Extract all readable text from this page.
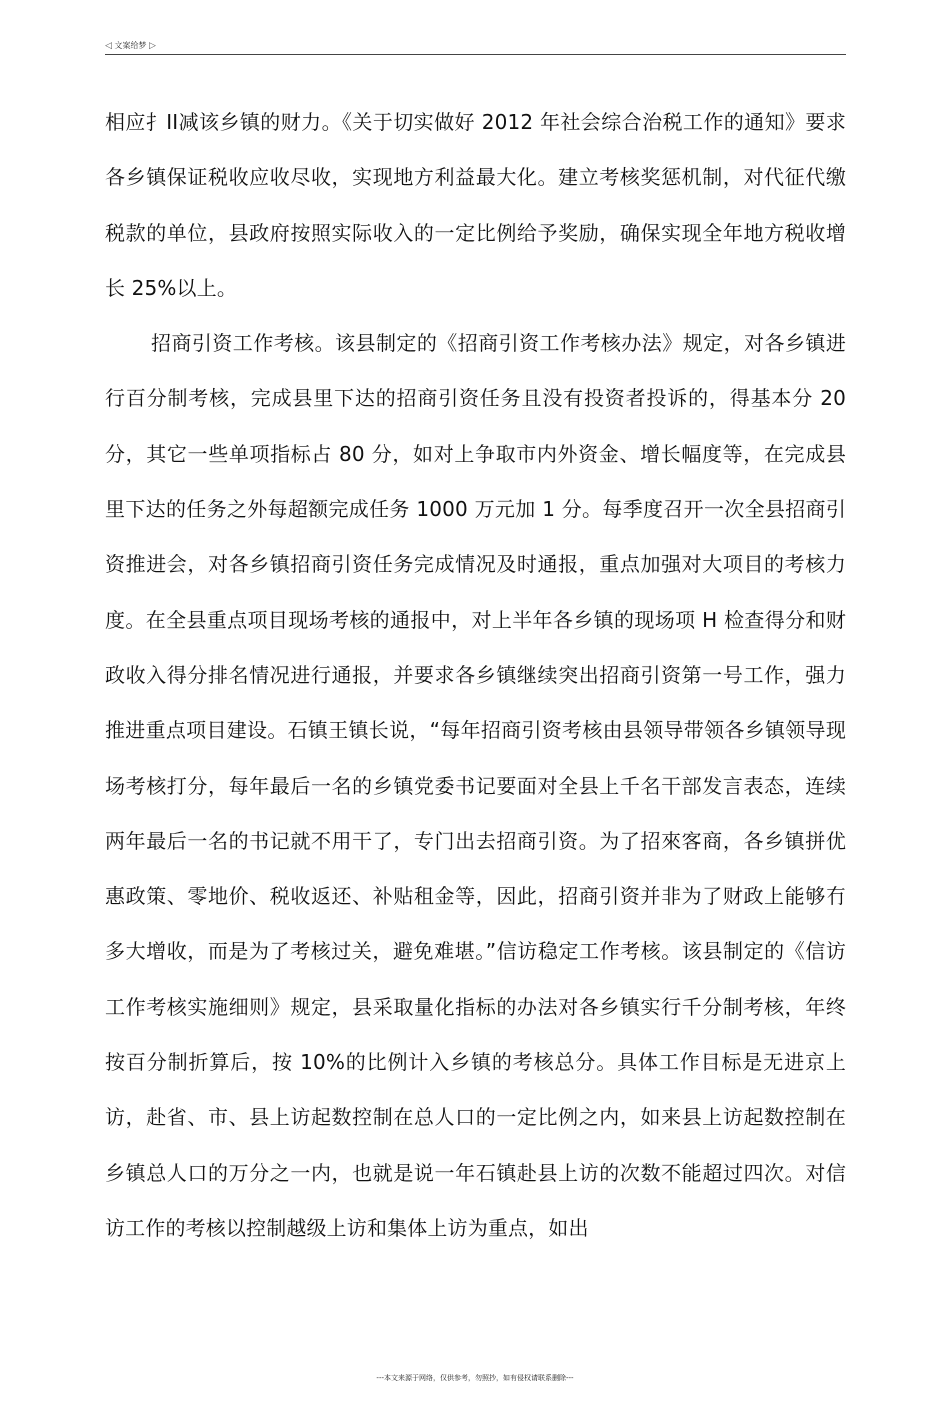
◁ 文案给梦 ▷

相应扌II减该乡镇的财力。《关于切实做好 2012 年社会综合治税工作的通知》要求各乡镇保证税收应收尽收，实现地方利益最大化。建立考核奖惩机制，对代征代缴税款的单位，县政府按照实际收入的一定比例给予奖励，确保实现全年地方税收增长 25%以上。

招商引资工作考核。该县制定的《招商引资工作考核办法》规定，对各乡镇进行百分制考核，完成县里下达的招商引资任务且没有投资者投诉的，得基本分 20 分，其它一些单项指标占 80 分，如对上争取市内外资金、增长幅度等，在完成县里下达的任务之外每超额完成任务 1000 万元加 1 分。每季度召开一次全县招商引资推进会，对各乡镇招商引资任务完成情况及时通报，重点加强对大项目的考核力度。在全县重点项目现场考核的通报中，对上半年各乡镇的现场项 H 检查得分和财政收入得分排名情况进行通报，并要求各乡镇继续突出招商引资第一号工作，强力推进重点项目建设。石镇王镇长说，“每年招商引资考核由县领导带领各乡镇领导现场考核打分，每年最后一名的乡镇党委书记要面对全县上千名干部发言表态，连续两年最后一名的书记就不用干了，专门出去招商引资。为了招來客商，各乡镇拼优惠政策、零地价、税收返还、补贴租金等，因此，招商引资并非为了财政上能够冇多大增收，而是为了考核过关，避免难堪。”信访稳定工作考核。该县制定的《信访工作考核实施细则》规定，县采取量化指标的办法对各乡镇实行千分制考核，年终按百分制折算后，按 10%的比例计入乡镇的考核总分。具体工作目标是无进京上访，赴省、市、县上访起数控制在总人口的一定比例之内，如来县上访起数控制在乡镇总人口的万分之一内，也就是说一年石镇赴县上访的次数不能超过四次。对信访工作的考核以控制越级上访和集体上访为重点，如出

---本文来源于网络，仅供参考，勿照抄，如有侵权请联系删除---
